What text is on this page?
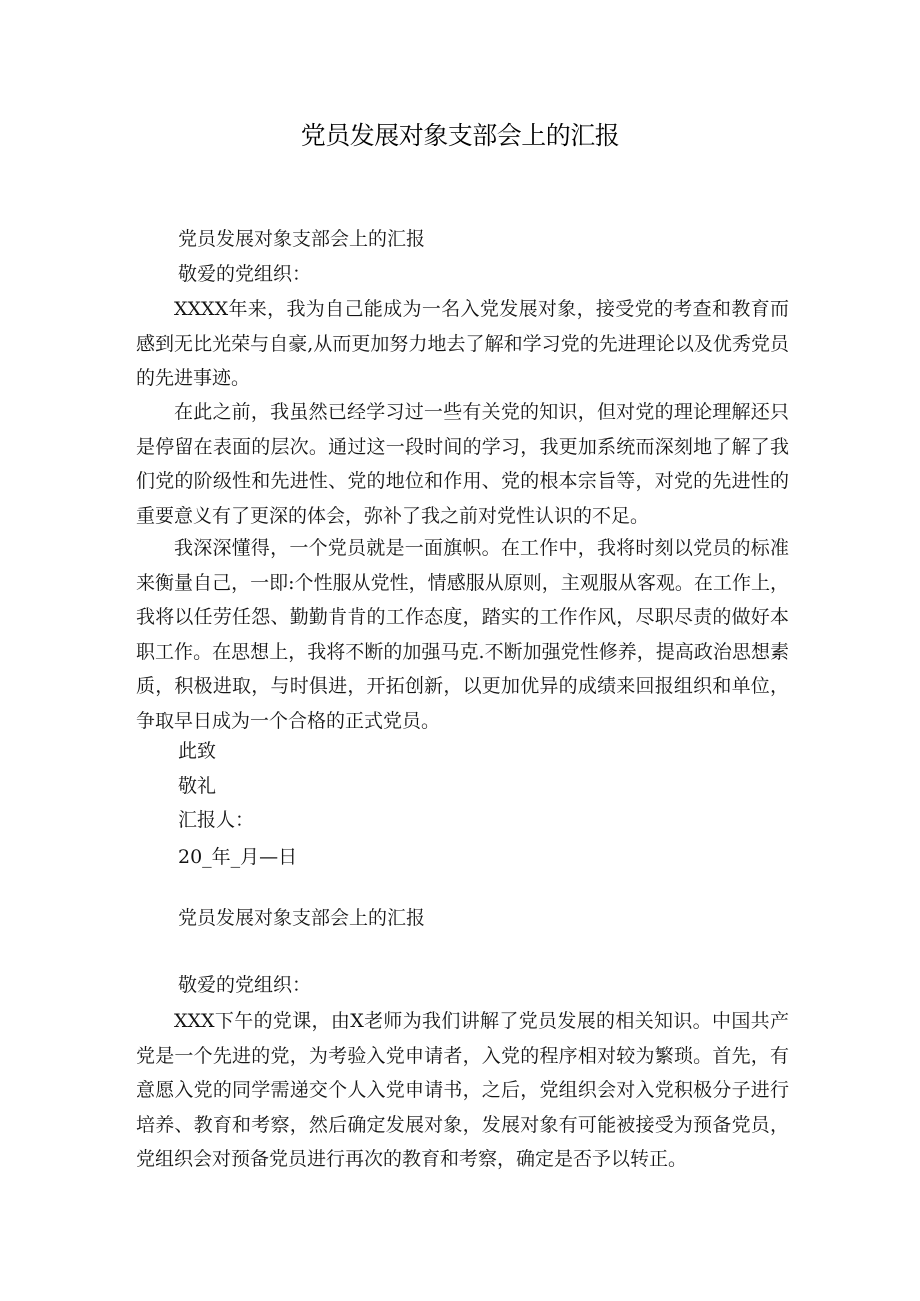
党员发展对象支部会上的汇报
党员发展对象支部会上的汇报
敬爱的党组织：
XXXX年来，我为自己能成为一名入党发展对象，接受党的考查和教育而感到无比光荣与自豪,从而更加努力地去了解和学习党的先进理论以及优秀党员的先进事迹。
在此之前，我虽然已经学习过一些有关党的知识，但对党的理论理解还只是停留在表面的层次。通过这一段时间的学习，我更加系统而深刻地了解了我们党的阶级性和先进性、党的地位和作用、党的根本宗旨等，对党的先进性的重要意义有了更深的体会，弥补了我之前对党性认识的不足。
我深深懂得，一个党员就是一面旗帜。在工作中，我将时刻以党员的标准来衡量自己，一即:个性服从党性，情感服从原则，主观服从客观。在工作上，我将以任劳任怨、勤勤肯肯的工作态度，踏实的工作作风，尽职尽责的做好本职工作。在思想上，我将不断的加强马克.不断加强党性修养，提高政治思想素质，积极进取，与时俱进，开拓创新，以更加优异的成绩来回报组织和单位，争取早日成为一个合格的正式党员。
此致
敬礼
汇报人：
20_年_月—日
党员发展对象支部会上的汇报
敬爱的党组织：
XXX下午的党课，由X老师为我们讲解了党员发展的相关知识。中国共产党是一个先进的党，为考验入党申请者，入党的程序相对较为繁琐。首先，有意愿入党的同学需递交个人入党申请书，之后，党组织会对入党积极分子进行培养、教育和考察，然后确定发展对象，发展对象有可能被接受为预备党员，党组织会对预备党员进行再次的教育和考察，确定是否予以转正。
